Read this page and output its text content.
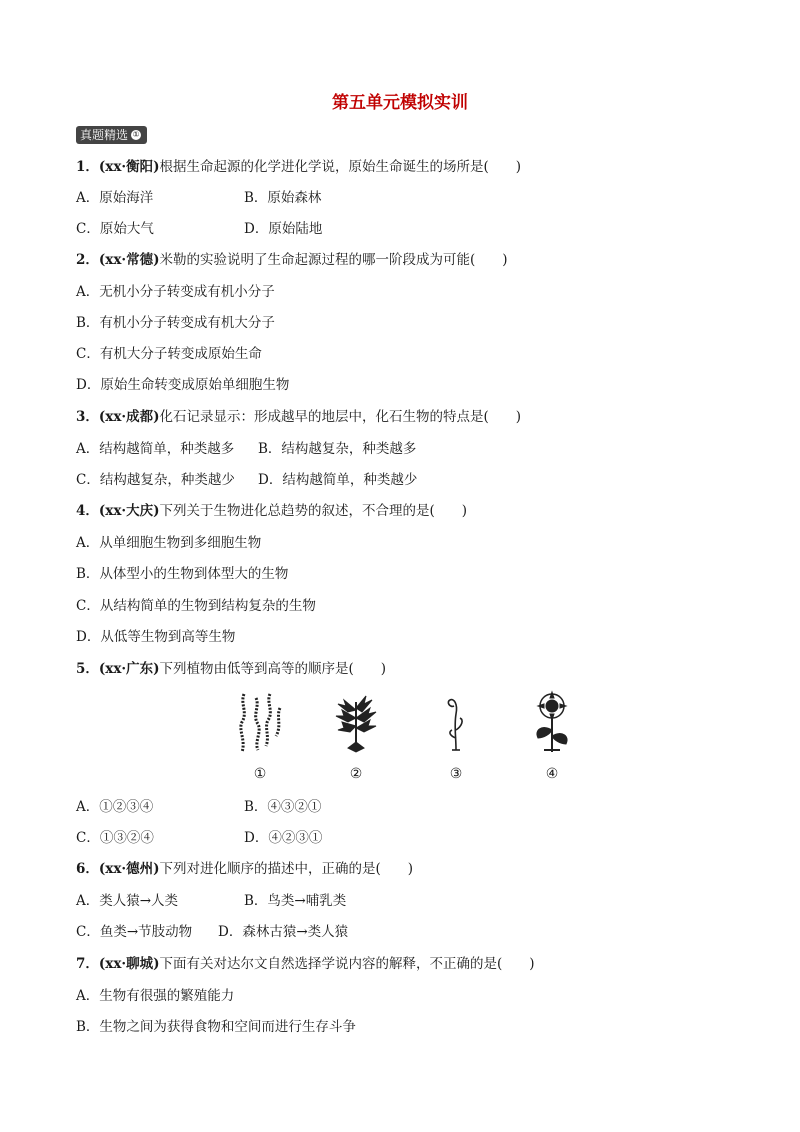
第五单元模拟实训
真题精选 ①
1．(xx·衡阳)根据生命起源的化学进化学说，原始生命诞生的场所是(　　)
A．原始海洋	B．原始森林
C．原始大气	D．原始陆地
2．(xx·常德)米勒的实验说明了生命起源过程的哪一阶段成为可能(　　)
A．无机小分子转变成有机小分子
B．有机小分子转变成有机大分子
C．有机大分子转变成原始生命
D．原始生命转变成原始单细胞生物
3．(xx·成都)化石记录显示：形成越早的地层中，化石生物的特点是(　　)
A．结构越简单，种类越多 B．结构越复杂，种类越多
C．结构越复杂，种类越少 D．结构越简单，种类越少
4．(xx·大庆)下列关于生物进化总趋势的叙述，不合理的是(　　)
A．从单细胞生物到多细胞生物
B．从体型小的生物到体型大的生物
C．从结构简单的生物到结构复杂的生物
D．从低等生物到高等生物
5．(xx·广东)下列植物由低等到高等的顺序是(　　)
①	②	③	④
A．①②③④	B．④③②①
C．①③②④	D．④②③①
6．(xx·德州)下列对进化顺序的描述中，正确的是(　　)
A．类人猿→人类	B．鸟类→哺乳类
C．鱼类→节肢动物 D．森林古猿→类人猿
7．(xx·聊城)下面有关对达尔文自然选择学说内容的解释，不正确的是(　　)
A．生物有很强的繁殖能力
B．生物之间为获得食物和空间而进行生存斗争
